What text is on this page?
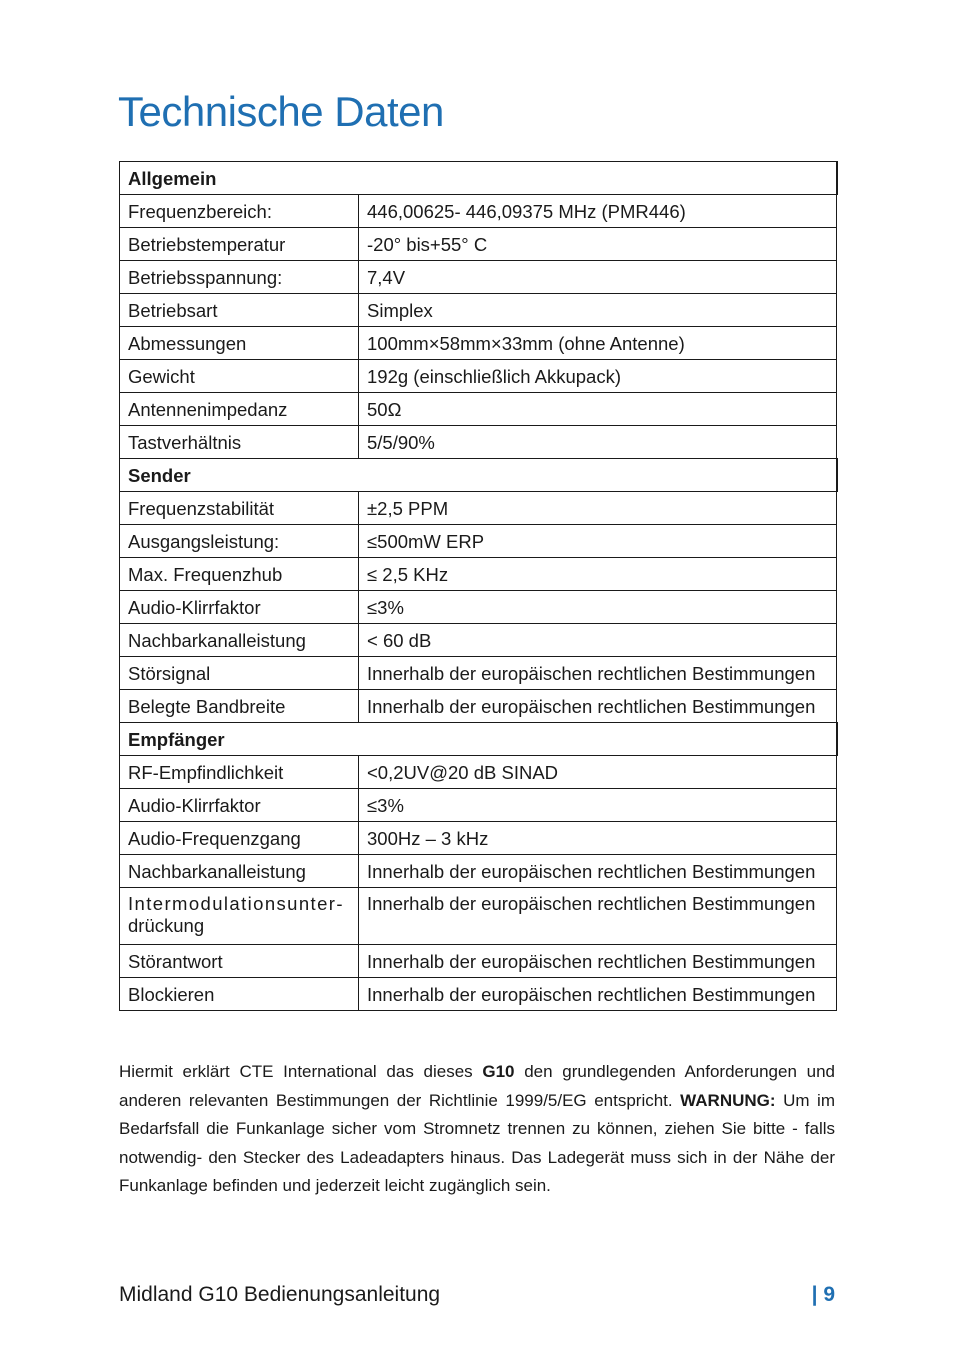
Technische Daten
Allgemein	
Frequenzbereich:	446,00625- 446,09375 MHz (PMR446)
Betriebstemperatur	-20° bis+55° C
Betriebsspannung:	7,4V
Betriebsart	Simplex
Abmessungen	100mm×58mm×33mm (ohne Antenne)
Gewicht	192g (einschließlich Akkupack)
Antennenimpedanz	50Ω
Tastverhältnis	5/5/90%
Sender	
Frequenzstabilität	±2,5 PPM
Ausgangsleistung:	≤500mW ERP
Max. Frequenzhub	≤ 2,5 KHz
Audio-Klirrfaktor	≤3%
Nachbarkanalleistung	< 60 dB
Störsignal	Innerhalb der europäischen rechtlichen Bestimmungen
Belegte Bandbreite	Innerhalb der europäischen rechtlichen Bestimmungen
Empfänger	
RF-Empfindlichkeit	<0,2UV@20 dB SINAD
Audio-Klirrfaktor	≤3%
Audio-Frequenzgang	300Hz – 3 kHz
Nachbarkanalleistung	Innerhalb der europäischen rechtlichen Bestimmungen
Intermodulationsunter-
drückung	Innerhalb der europäischen rechtlichen Bestimmungen
Störantwort	Innerhalb der europäischen rechtlichen Bestimmungen
Blockieren	Innerhalb der europäischen rechtlichen Bestimmungen

Hiermit erklärt CTE International das dieses G10 den grundlegenden Anforderungen und anderen relevanten Bestimmungen der Richtlinie 1999/5/EG entspricht. WARNUNG: Um im Bedarfsfall die Funkanlage sicher vom Stromnetz trennen zu können, ziehen Sie bitte - falls notwendig- den Stecker des Ladeadapters hinaus. Das Ladegerät muss sich in der Nähe der Funkanlage befinden und jederzeit leicht zugänglich sein.

Midland G10 Bedienungsanleitung	| 9
